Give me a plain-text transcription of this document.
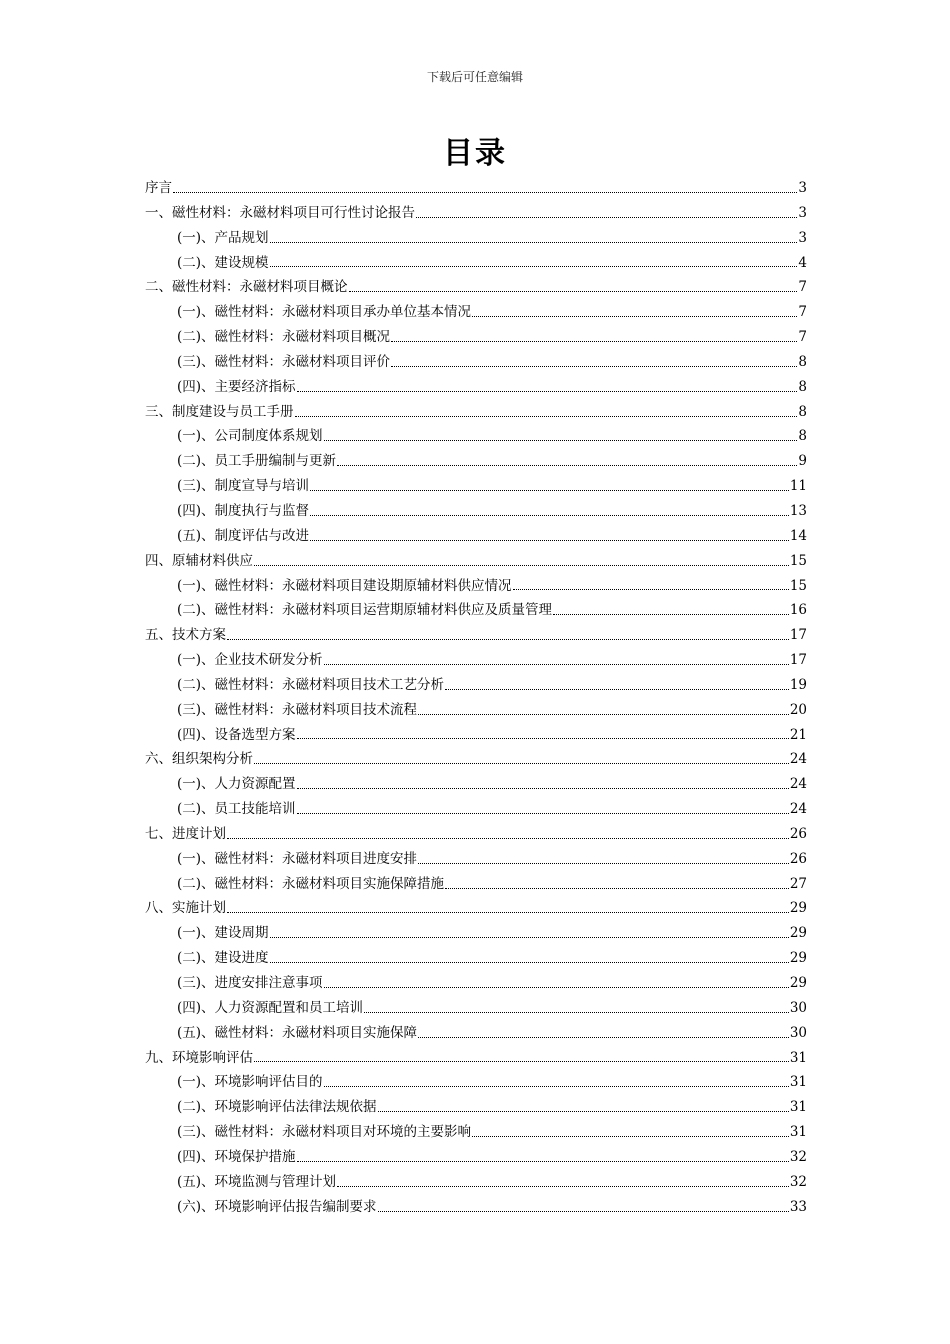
下载后可任意编辑
目录
序言	3
一、磁性材料：永磁材料项目可行性讨论报告	3
(一)、产品规划	3
(二)、建设规模	4
二、磁性材料：永磁材料项目概论	7
(一)、磁性材料：永磁材料项目承办单位基本情况	7
(二)、磁性材料：永磁材料项目概况	7
(三)、磁性材料：永磁材料项目评价	8
(四)、主要经济指标	8
三、制度建设与员工手册	8
(一)、公司制度体系规划	8
(二)、员工手册编制与更新	9
(三)、制度宣导与培训	11
(四)、制度执行与监督	13
(五)、制度评估与改进	14
四、原辅材料供应	15
(一)、磁性材料：永磁材料项目建设期原辅材料供应情况	15
(二)、磁性材料：永磁材料项目运营期原辅材料供应及质量管理	16
五、技术方案	17
(一)、企业技术研发分析	17
(二)、磁性材料：永磁材料项目技术工艺分析	19
(三)、磁性材料：永磁材料项目技术流程	20
(四)、设备选型方案	21
六、组织架构分析	24
(一)、人力资源配置	24
(二)、员工技能培训	24
七、进度计划	26
(一)、磁性材料：永磁材料项目进度安排	26
(二)、磁性材料：永磁材料项目实施保障措施	27
八、实施计划	29
(一)、建设周期	29
(二)、建设进度	29
(三)、进度安排注意事项	29
(四)、人力资源配置和员工培训	30
(五)、磁性材料：永磁材料项目实施保障	30
九、环境影响评估	31
(一)、环境影响评估目的	31
(二)、环境影响评估法律法规依据	31
(三)、磁性材料：永磁材料项目对环境的主要影响	31
(四)、环境保护措施	32
(五)、环境监测与管理计划	32
(六)、环境影响评估报告编制要求	33
